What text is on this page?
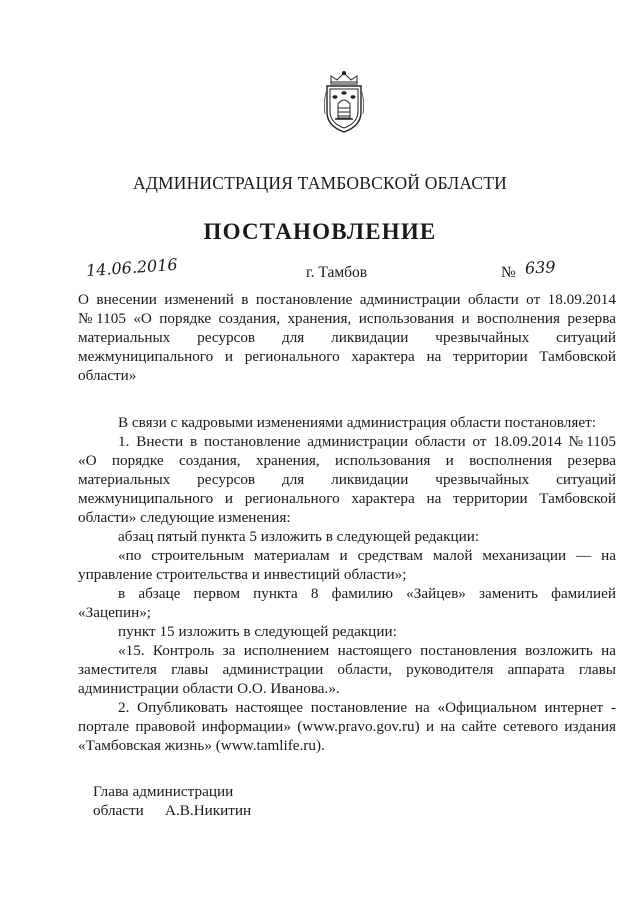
АДМИНИСТРАЦИЯ ТАМБОВСКОЙ ОБЛАСТИ
ПОСТАНОВЛЕНИЕ
14.06.2016	г. Тамбов	№ 639
О внесении изменений в постановление администрации области от 18.09.2014
№1105 «О порядке создания, хранения, использования и восполнения резерва
материальных ресурсов для ликвидации чрезвычайных ситуаций
межмуниципального и регионального характера на территории Тамбовской
области»
В связи с кадровыми изменениями администрация области постановляет:
1. Внести в постановление администрации области от 18.09.2014 №1105
«О порядке создания, хранения, использования и восполнения резерва
материальных ресурсов для ликвидации чрезвычайных ситуаций
межмуниципального и регионального характера на территории Тамбовской
области» следующие изменения:
абзац пятый пункта 5 изложить в следующей редакции:
«по строительным материалам и средствам малой механизации — на
управление строительства и инвестиций области»;
в абзаце первом пункта 8 фамилию «Зайцев» заменить фамилией
«Зацепин»;
пункт 15 изложить в следующей редакции:
«15. Контроль за исполнением настоящего постановления возложить на
заместителя главы администрации области, руководителя аппарата главы
администрации области О.О. Иванова.».
2. Опубликовать настоящее постановление на «Официальном интернет -
портале правовой информации» (www.pravo.gov.ru) и на сайте сетевого издания
«Тамбовская жизнь» (www.tamlife.ru).
Глава администрации
области А.В.Никитин
